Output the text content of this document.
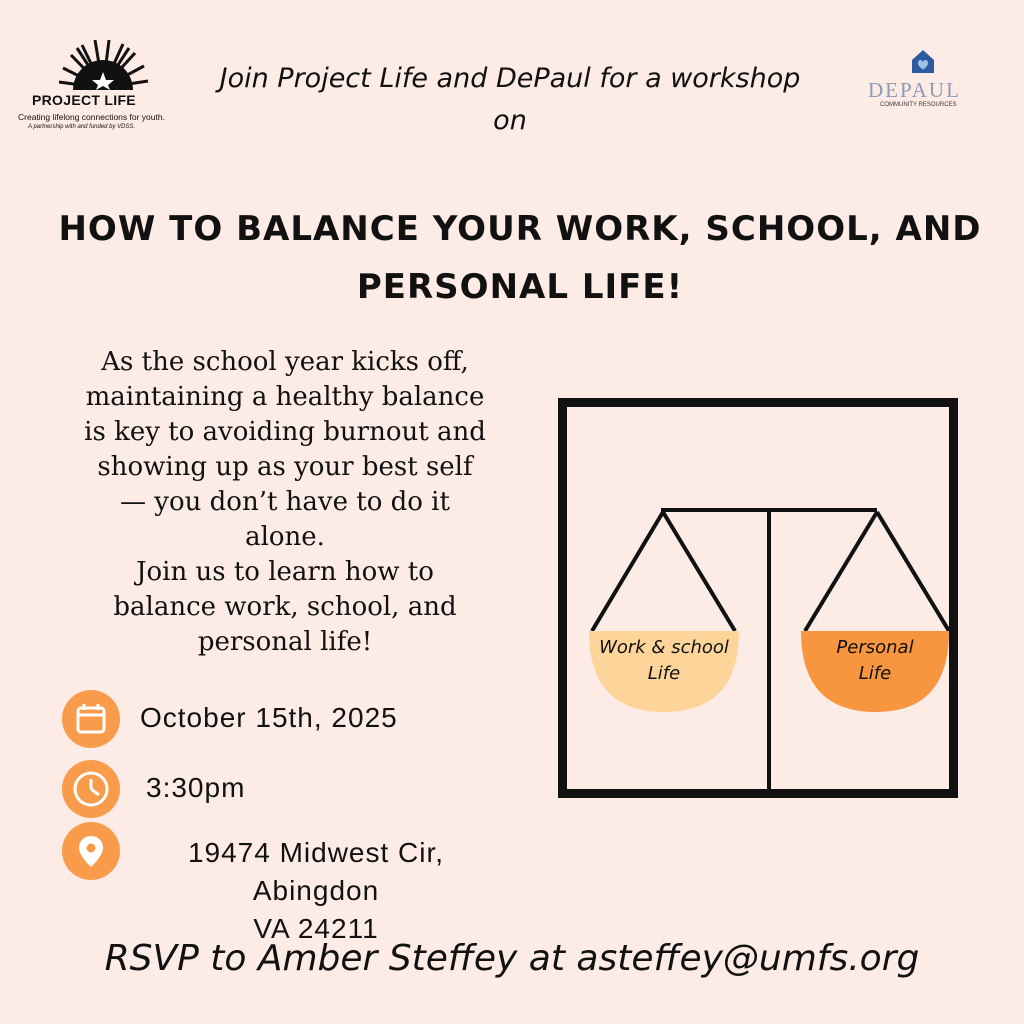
PROJECT LIFE
Creating lifelong connections for youth.
A partnership with and funded by VDSS.
DEPAUL
COMMUNITY RESOURCES
Join Project Life and DePaul for a workshop
on
HOW TO BALANCE YOUR WORK, SCHOOL, AND
PERSONAL LIFE!
As the school year kicks off,
maintaining a healthy balance
is key to avoiding burnout and
showing up as your best self
— you don’t have to do it
alone.
Join us to learn how to
balance work, school, and
personal life!
October 15th, 2025
3:30pm
19474 Midwest Cir, Abingdon
VA 24211
Work & school
Life
Personal
Life
RSVP to Amber Steffey at asteffey@umfs.org
